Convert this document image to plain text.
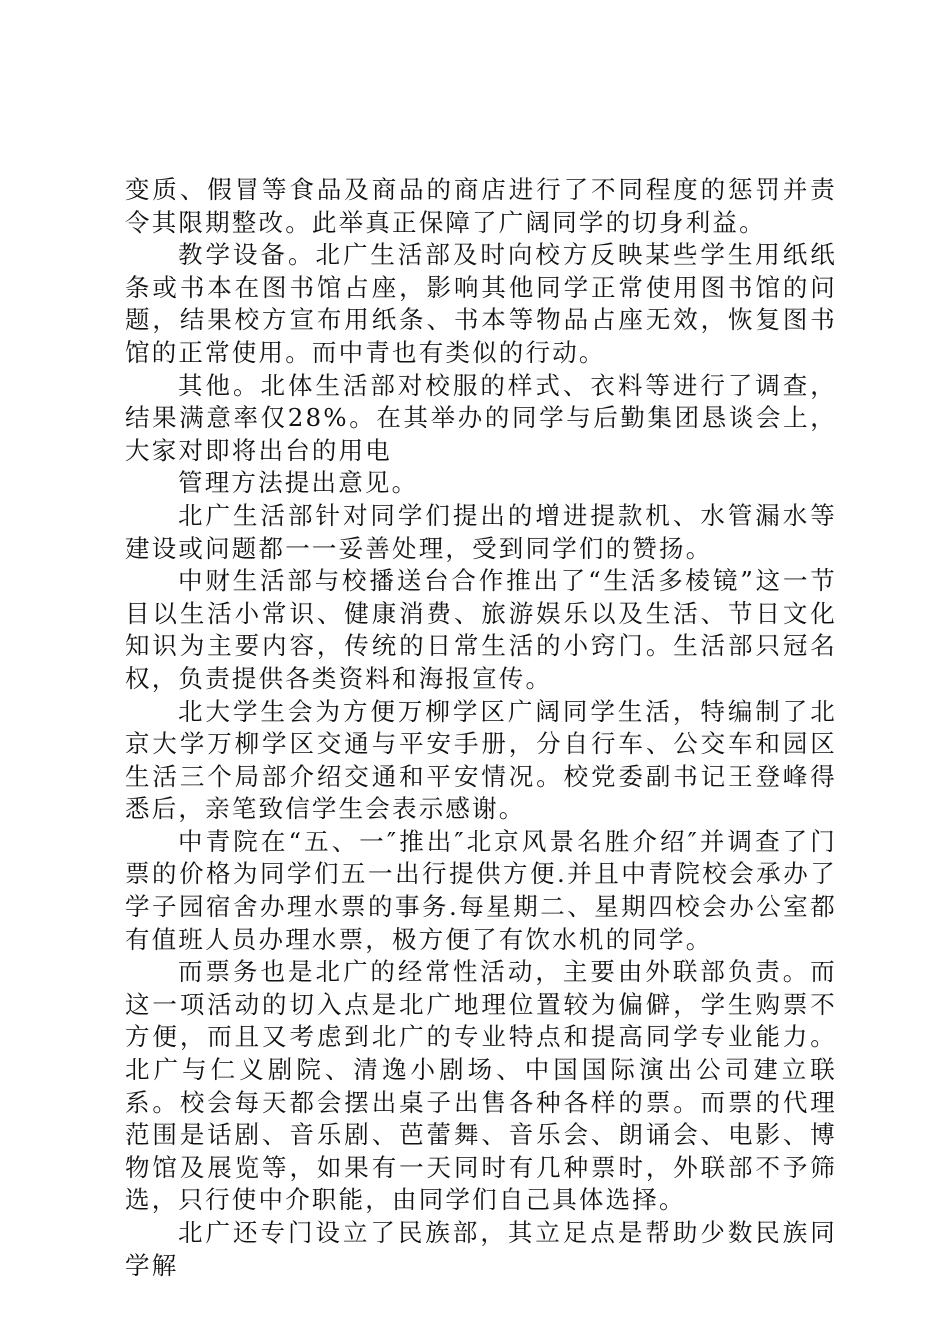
变质、假冒等食品及商品的商店进行了不同程度的惩罚并责令其限期整改。此举真正保障了广阔同学的切身利益。

教学设备。北广生活部及时向校方反映某些学生用纸纸条或书本在图书馆占座，影响其他同学正常使用图书馆的问题，结果校方宣布用纸条、书本等物品占座无效，恢复图书馆的正常使用。而中青也有类似的行动。

其他。北体生活部对校服的样式、衣料等进行了调查，结果满意率仅28%。在其举办的同学与后勤集团恳谈会上，大家对即将出台的用电

管理方法提出意见。

北广生活部针对同学们提出的增进提款机、水管漏水等建设或问题都一一妥善处理，受到同学们的赞扬。

中财生活部与校播送台合作推出了“生活多棱镜”这一节目以生活小常识、健康消费、旅游娱乐以及生活、节日文化知识为主要内容，传统的日常生活的小窍门。生活部只冠名权，负责提供各类资料和海报宣传。

北大学生会为方便万柳学区广阔同学生活，特编制了北京大学万柳学区交通与平安手册，分自行车、公交车和园区生活三个局部介绍交通和平安情况。校党委副书记王登峰得悉后，亲笔致信学生会表示感谢。

中青院在“五、一″推出″北京风景名胜介绍″并调查了门票的价格为同学们五一出行提供方便.并且中青院校会承办了学子园宿舍办理水票的事务.每星期二、星期四校会办公室都有值班人员办理水票，极方便了有饮水机的同学。

而票务也是北广的经常性活动，主要由外联部负责。而这一项活动的切入点是北广地理位置较为偏僻，学生购票不方便，而且又考虑到北广的专业特点和提高同学专业能力。北广与仁义剧院、清逸小剧场、中国国际演出公司建立联系。校会每天都会摆出桌子出售各种各样的票。而票的代理范围是话剧、音乐剧、芭蕾舞、音乐会、朗诵会、电影、博物馆及展览等，如果有一天同时有几种票时，外联部不予筛选，只行使中介职能，由同学们自己具体选择。

北广还专门设立了民族部，其立足点是帮助少数民族同学解
